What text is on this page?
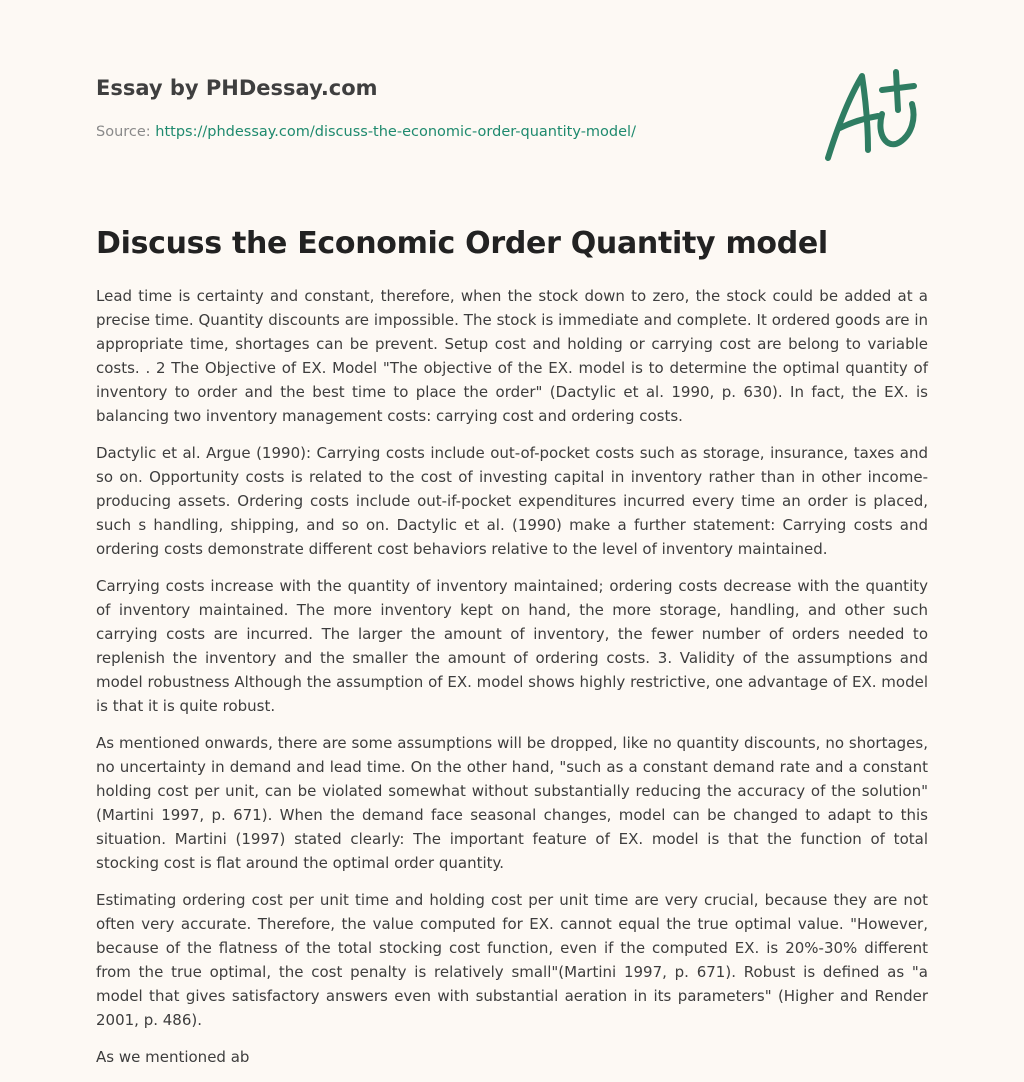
Essay by PHDessay.com

Source: https://phdessay.com/discuss-the-economic-order-quantity-model/

Discuss the Economic Order Quantity model

Lead time is certainty and constant, therefore, when the stock down to zero, the stock could be added at a precise time. Quantity discounts are impossible. The stock is immediate and complete. It ordered goods are in appropriate time, shortages can be prevent. Setup cost and holding or carrying cost are belong to variable costs. . 2 The Objective of EX. Model "The objective of the EX. model is to determine the optimal quantity of inventory to order and the best time to place the order" (Dactylic et al. 1990, p. 630). In fact, the EX. is balancing two inventory management costs: carrying cost and ordering costs.

Dactylic et al. Argue (1990): Carrying costs include out-of-pocket costs such as storage, insurance, taxes and so on. Opportunity costs is related to the cost of investing capital in inventory rather than in other income-producing assets. Ordering costs include out-if-pocket expenditures incurred every time an order is placed, such s handling, shipping, and so on. Dactylic et al. (1990) make a further statement: Carrying costs and ordering costs demonstrate different cost behaviors relative to the level of inventory maintained.

Carrying costs increase with the quantity of inventory maintained; ordering costs decrease with the quantity of inventory maintained. The more inventory kept on hand, the more storage, handling, and other such carrying costs are incurred. The larger the amount of inventory, the fewer number of orders needed to replenish the inventory and the smaller the amount of ordering costs. 3. Validity of the assumptions and model robustness Although the assumption of EX. model shows highly restrictive, one advantage of EX. model is that it is quite robust.

As mentioned onwards, there are some assumptions will be dropped, like no quantity discounts, no shortages, no uncertainty in demand and lead time. On the other hand, "such as a constant demand rate and a constant holding cost per unit, can be violated somewhat without substantially reducing the accuracy of the solution" (Martini 1997, p. 671). When the demand face seasonal changes, model can be changed to adapt to this situation. Martini (1997) stated clearly: The important feature of EX. model is that the function of total stocking cost is flat around the optimal order quantity.

Estimating ordering cost per unit time and holding cost per unit time are very crucial, because they are not often very accurate. Therefore, the value computed for EX. cannot equal the true optimal value. "However, because of the flatness of the total stocking cost function, even if the computed EX. is 20%-30% different from the true optimal, the cost penalty is relatively small"(Martini 1997, p. 671). Robust is defined as "a model that gives satisfactory answers even with substantial aeration in its parameters" (Higher and Render 2001, p. 486).

As we mentioned ab
